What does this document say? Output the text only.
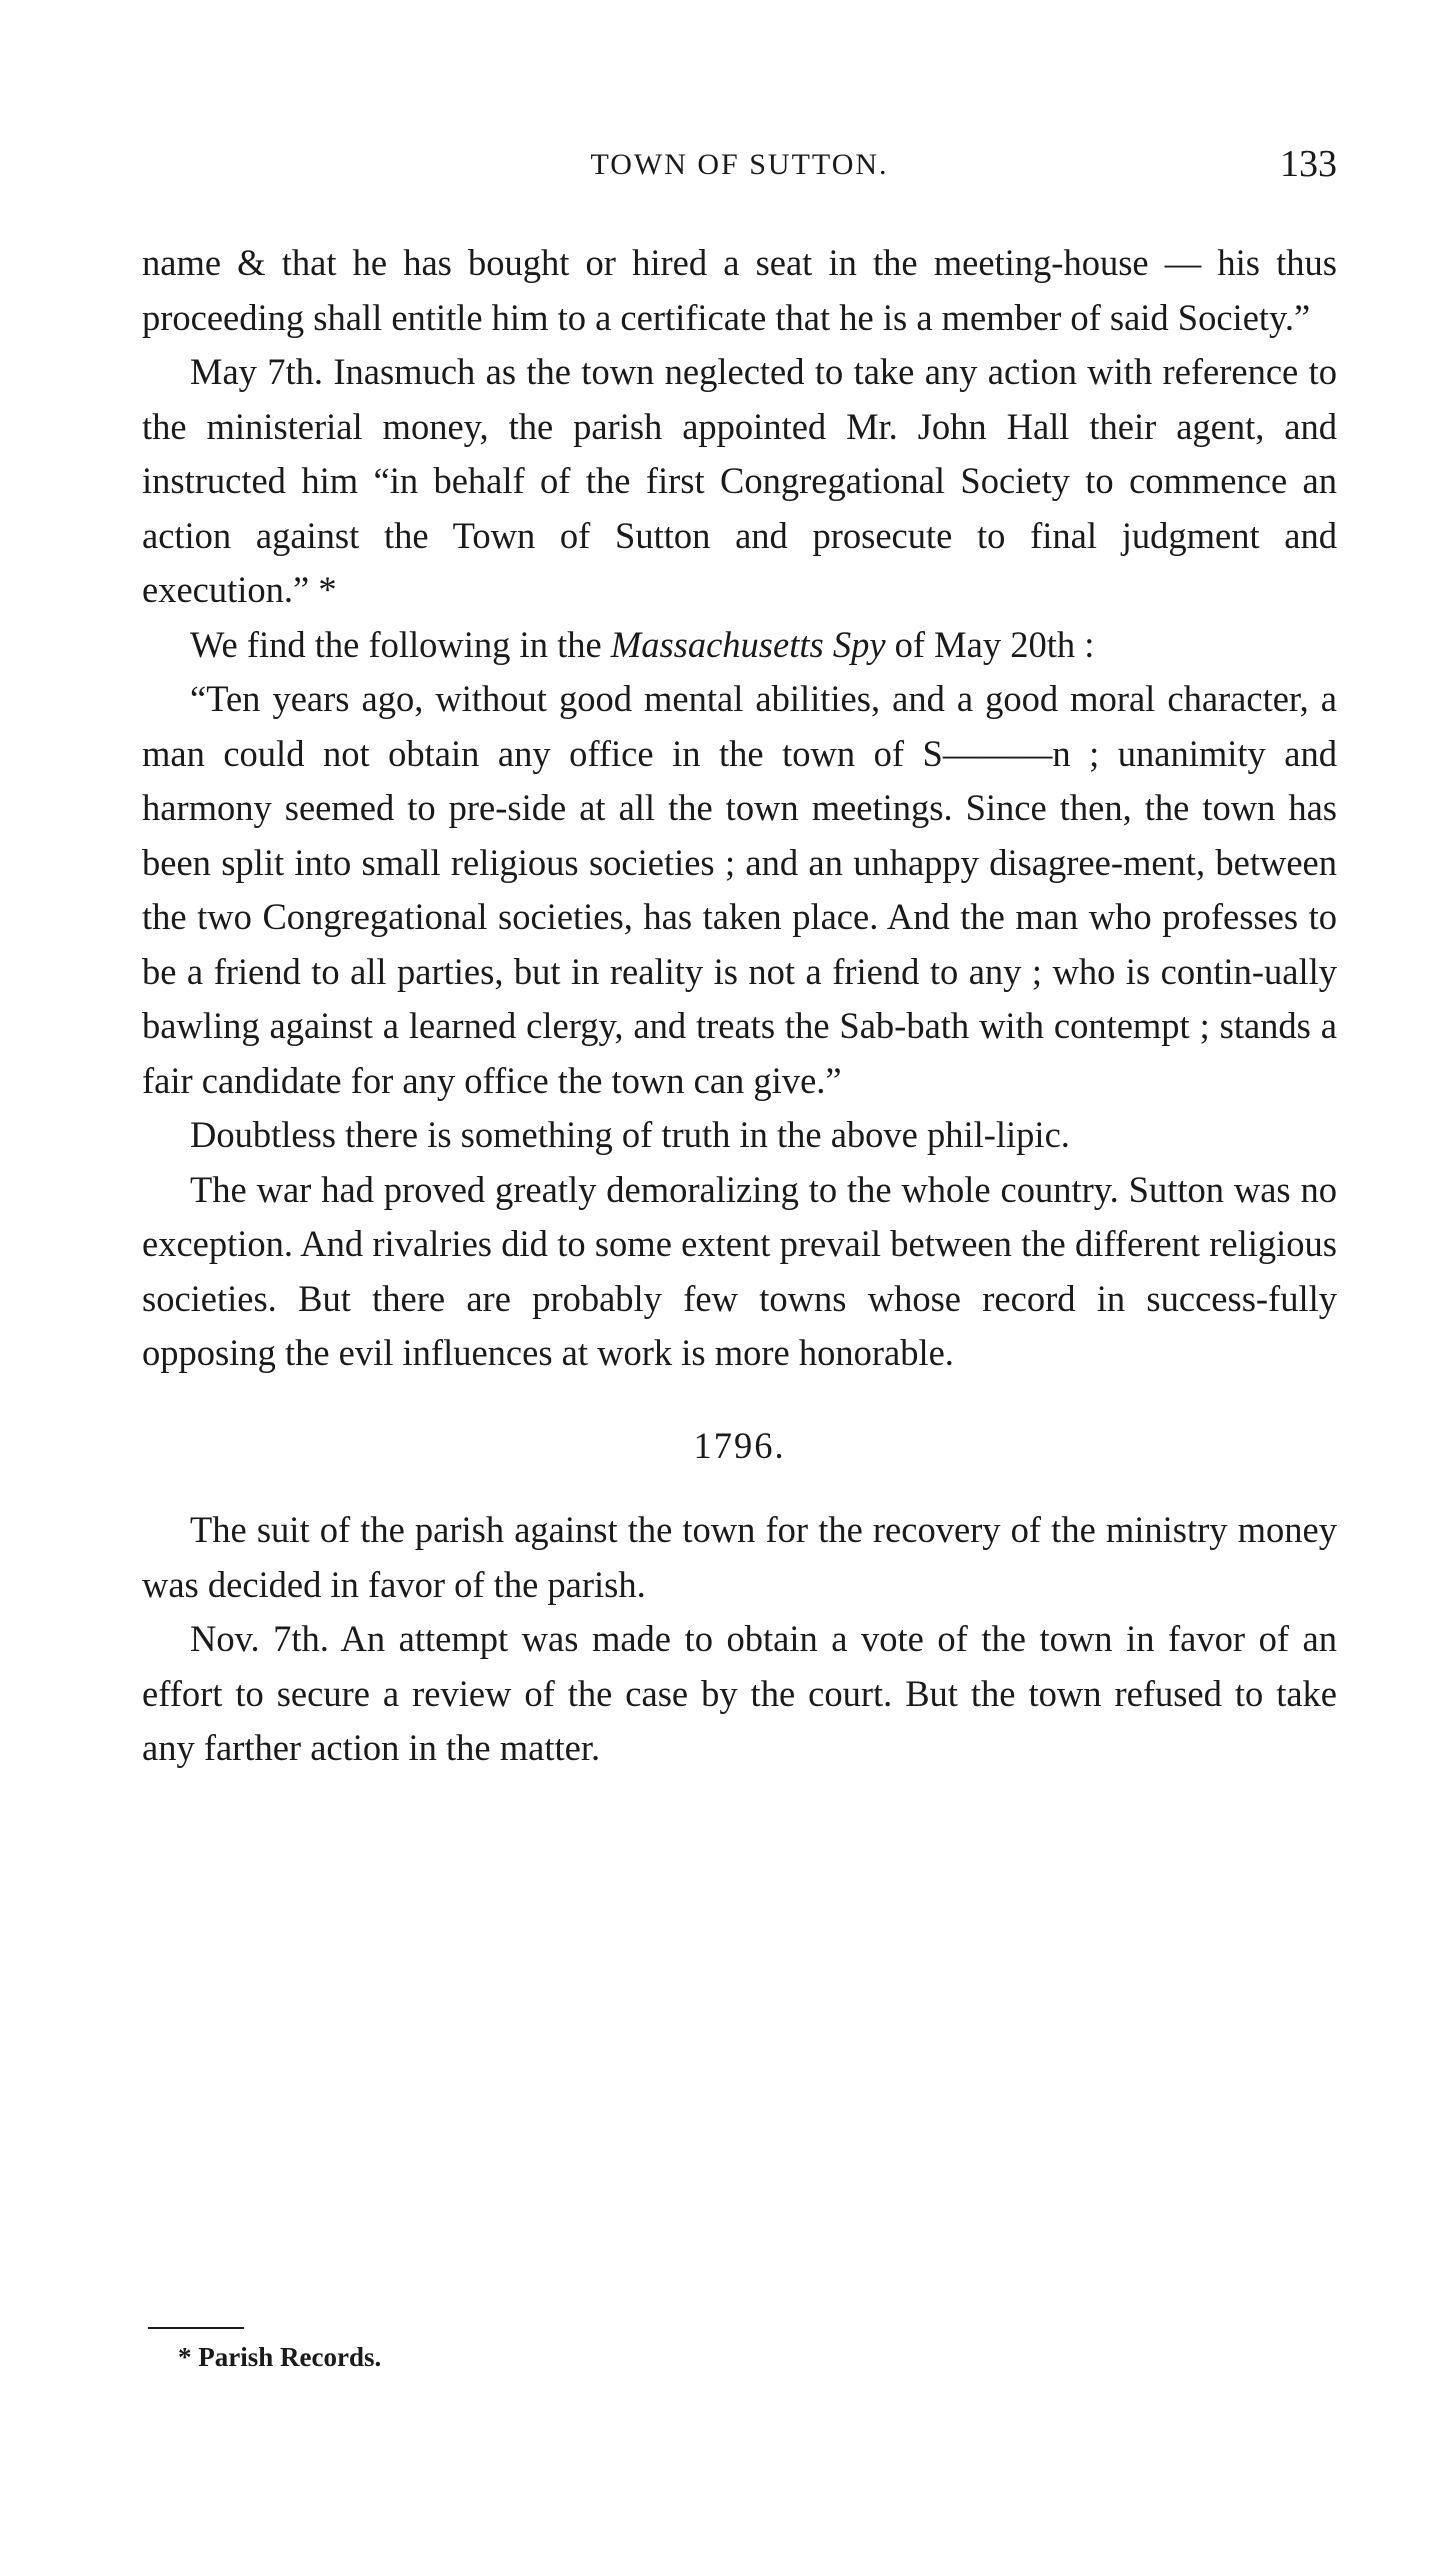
TOWN OF SUTTON.	133

name & that he has bought or hired a seat in the meeting-house — his thus proceeding shall entitle him to a certificate that he is a member of said Society.”

May 7th. Inasmuch as the town neglected to take any action with reference to the ministerial money, the parish appointed Mr. John Hall their agent, and instructed him “in behalf of the first Congregational Society to commence an action against the Town of Sutton and prosecute to final judgment and execution.” *

We find the following in the Massachusetts Spy of May 20th :

“Ten years ago, without good mental abilities, and a good moral character, a man could not obtain any office in the town of S———n ; unanimity and harmony seemed to pre-side at all the town meetings. Since then, the town has been split into small religious societies ; and an unhappy disagree-ment, between the two Congregational societies, has taken place. And the man who professes to be a friend to all parties, but in reality is not a friend to any ; who is contin-ually bawling against a learned clergy, and treats the Sab-bath with contempt ; stands a fair candidate for any office the town can give.”

Doubtless there is something of truth in the above phil-lipic.

The war had proved greatly demoralizing to the whole country. Sutton was no exception. And rivalries did to some extent prevail between the different religious societies. But there are probably few towns whose record in success-fully opposing the evil influences at work is more honorable.

1796.

The suit of the parish against the town for the recovery of the ministry money was decided in favor of the parish.

Nov. 7th. An attempt was made to obtain a vote of the town in favor of an effort to secure a review of the case by the court. But the town refused to take any farther action in the matter.

* Parish Records.
